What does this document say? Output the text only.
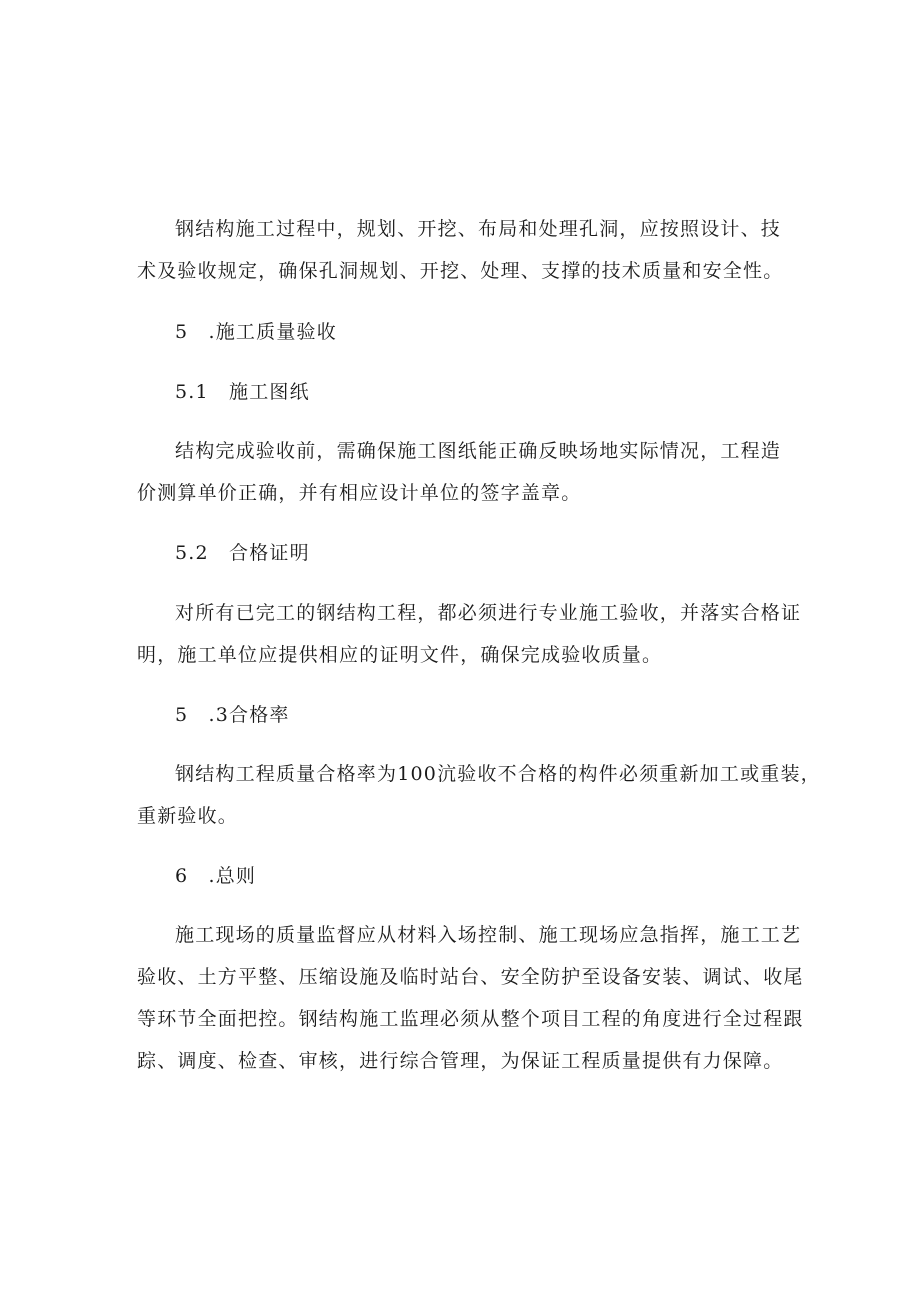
钢结构施工过程中，规划、开挖、布局和处理孔洞，应按照设计、技
术及验收规定，确保孔洞规划、开挖、处理、支撑的技术质量和安全性。

5　.施工质量验收

5.1　施工图纸

结构完成验收前，需确保施工图纸能正确反映场地实际情况，工程造
价测算单价正确，并有相应设计单位的签字盖章。

5.2　合格证明

对所有已完工的钢结构工程，都必须进行专业施工验收，并落实合格证
明，施工单位应提供相应的证明文件，确保完成验收质量。

5　.3合格率

钢结构工程质量合格率为100沆验收不合格的构件必须重新加工或重装，
重新验收。

6　.总则

施工现场的质量监督应从材料入场控制、施工现场应急指挥，施工工艺
验收、土方平整、压缩设施及临时站台、安全防护至设备安装、调试、收尾
等环节全面把控。钢结构施工监理必须从整个项目工程的角度进行全过程跟
踪、调度、检查、审核，进行综合管理，为保证工程质量提供有力保障。
